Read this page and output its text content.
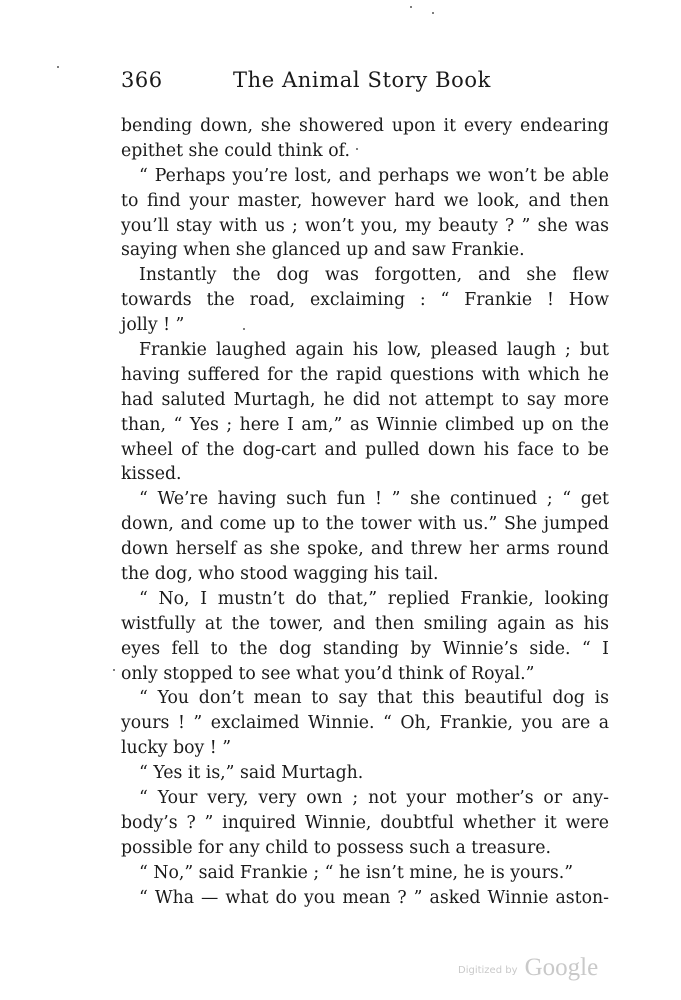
366	The Animal Story Book
bending down, she showered upon it every endearing
epithet she could think of.
“ Perhaps you’re lost, and perhaps we won’t be able
to find your master, however hard we look, and then
you’ll stay with us ; won’t you, my beauty ? ” she was
saying when she glanced up and saw Frankie.
Instantly the dog was forgotten, and she flew
towards the road, exclaiming : “ Frankie ! How
jolly ! ”
Frankie laughed again his low, pleased laugh ; but
having suffered for the rapid questions with which he
had saluted Murtagh, he did not attempt to say more
than, “ Yes ; here I am,” as Winnie climbed up on the
wheel of the dog-cart and pulled down his face to be
kissed.
“ We’re having such fun ! ” she continued ; “ get
down, and come up to the tower with us.” She jumped
down herself as she spoke, and threw her arms round
the dog, who stood wagging his tail.
“ No, I mustn’t do that,” replied Frankie, looking
wistfully at the tower, and then smiling again as his
eyes fell to the dog standing by Winnie’s side. “ I
only stopped to see what you’d think of Royal.”
“ You don’t mean to say that this beautiful dog is
yours ! ” exclaimed Winnie. “ Oh, Frankie, you are a
lucky boy ! ”
“ Yes it is,” said Murtagh.
“ Your very, very own ; not your mother’s or any-
body’s ? ” inquired Winnie, doubtful whether it were
possible for any child to possess such a treasure.
“ No,” said Frankie ; “ he isn’t mine, he is yours.”
“ Wha — what do you mean ? ” asked Winnie aston-
Digitized by Google
